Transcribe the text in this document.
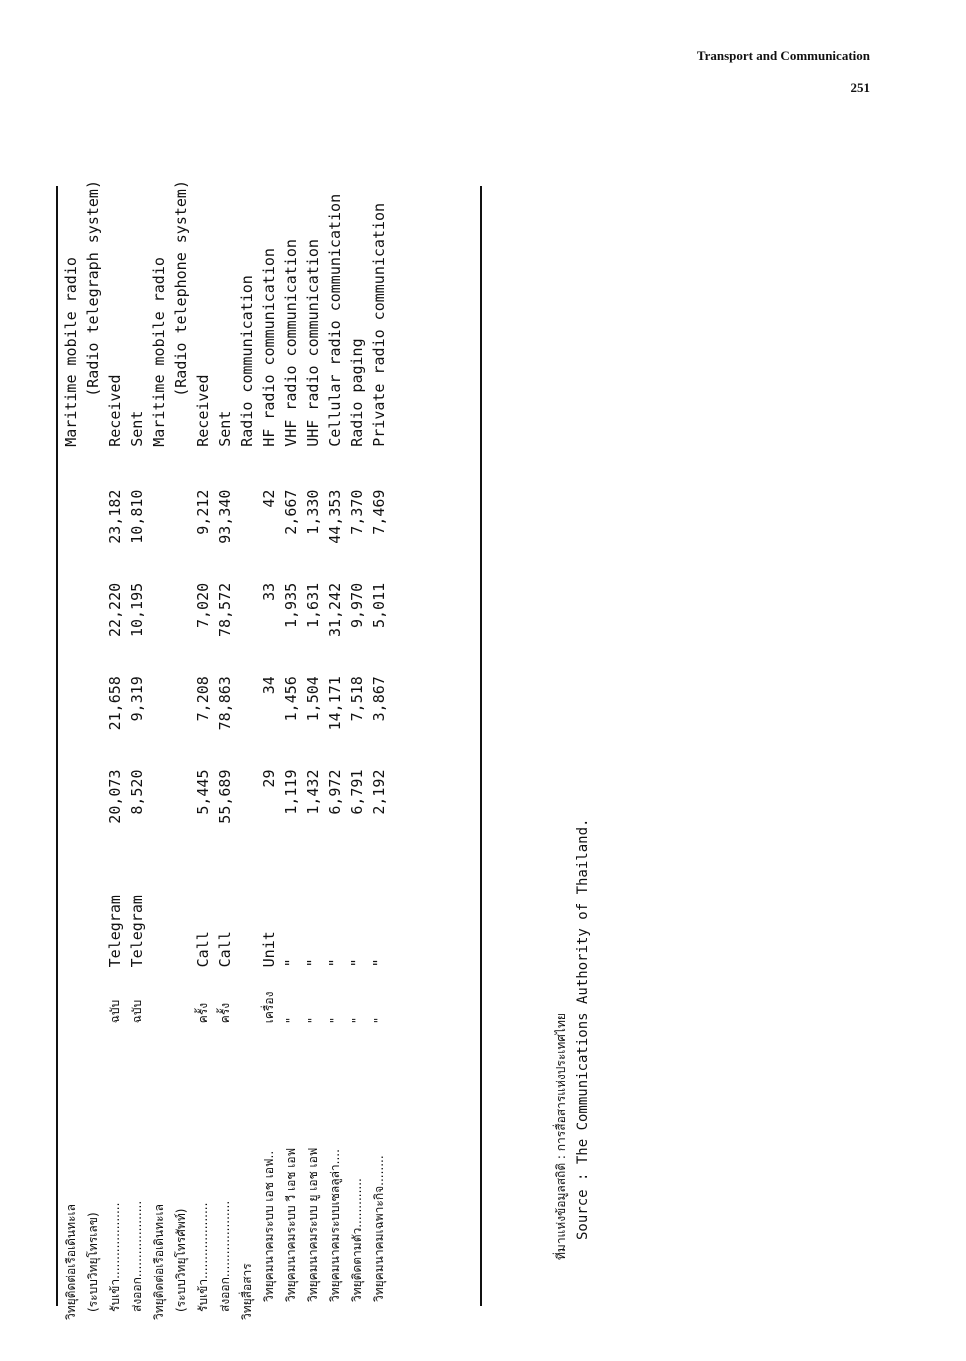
Transport and Communication
251
วิทยุติดต่อเรือเดินทะเล								Maritime mobile radio
(ระบบวิทยุโทรเลข)								(Radio telegraph system)
รับเข้า....................	ฉบับ	Telegram	20,073	21,658	22,220	23,182		Received
ส่งออก....................	ฉบับ	Telegram	8,520	9,319	10,195	10,810		Sent
วิทยุติดต่อเรือเดินทะเล								Maritime mobile radio
(ระบบวิทยุโทรศัพท์)								(Radio telephone system)
รับเข้า....................	ครั้ง	Call	5,445	7,208	7,020	9,212		Received
ส่งออก....................	ครั้ง	Call	55,689	78,863	78,572	93,340		Sent
วิทยุสื่อสาร								Radio communication
วิทยุคมนาคมระบบ เอช เอฟ..	เครื่อง	Unit	29	34	33	42		HF radio communication
วิทยุคมนาคมระบบ วี เอช เอฟ	"	"	1,119	1,456	1,935	2,667		VHF radio communication
วิทยุคมนาคมระบบ ยู เอช เอฟ	"	"	1,432	1,504	1,631	1,330		UHF radio communication
วิทยุคมนาคมระบบเซลลูล่า....	"	"	6,972	14,171	31,242	44,353		Cellular radio communication
วิทยุติดตามตัว.............	"	"	6,791	7,518	9,970	7,370		Radio paging
วิทยุคมนาคมเฉพาะกิจ........	"	"	2,192	3,867	5,011	7,469		Private radio communication
ที่มาแห่งข้อมูลสถิติ : การสื่อสารแห่งประเทศไทย Source : The Communications Authority of Thailand.
